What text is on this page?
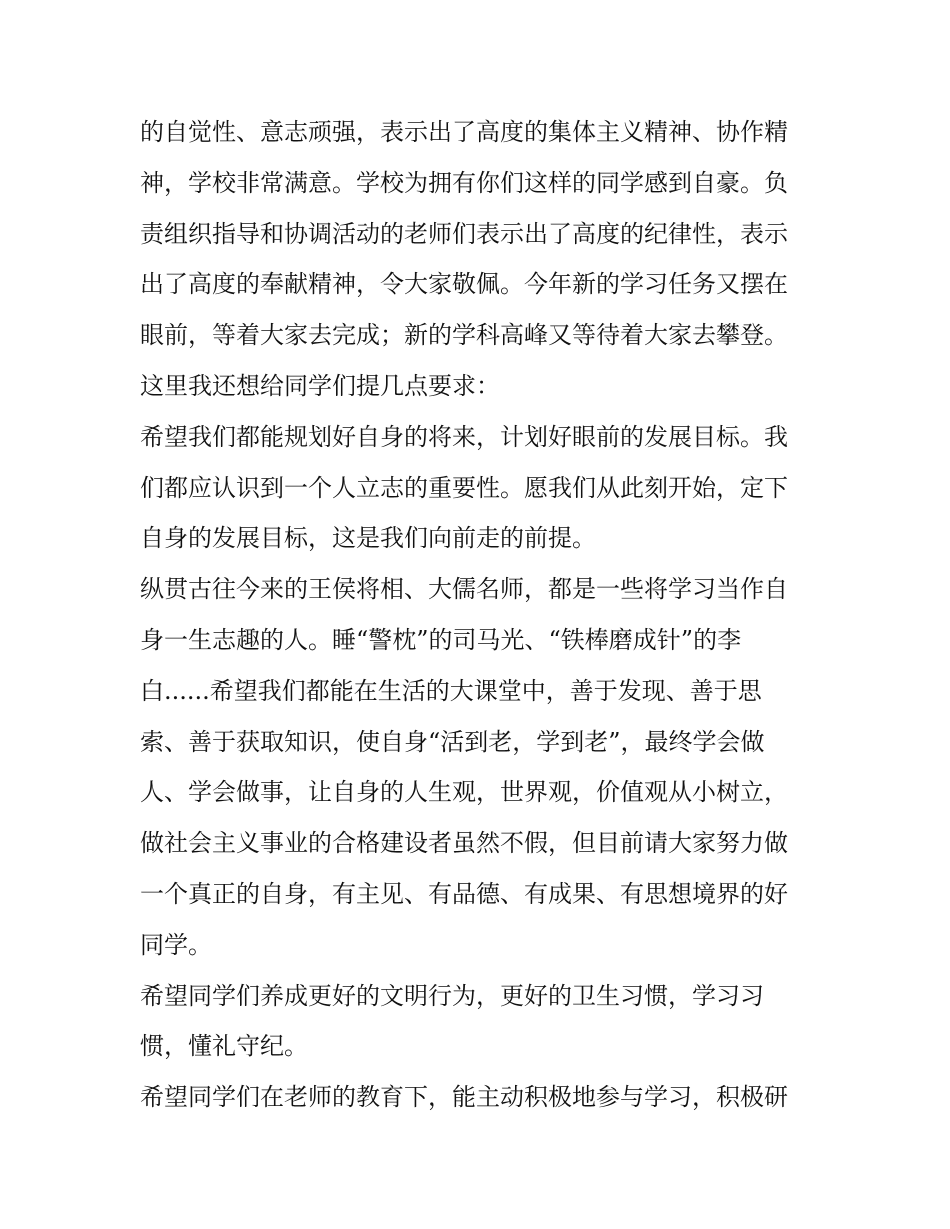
的自觉性、意志顽强，表示出了高度的集体主义精神、协作精
神，学校非常满意。学校为拥有你们这样的同学感到自豪。负
责组织指导和协调活动的老师们表示出了高度的纪律性，表示
出了高度的奉献精神，令大家敬佩。今年新的学习任务又摆在
眼前，等着大家去完成；新的学科高峰又等待着大家去攀登。
这里我还想给同学们提几点要求：
希望我们都能规划好自身的将来，计划好眼前的发展目标。我
们都应认识到一个人立志的重要性。愿我们从此刻开始，定下
自身的发展目标，这是我们向前走的前提。
纵贯古往今来的王侯将相、大儒名师，都是一些将学习当作自
身一生志趣的人。睡“警枕”的司马光、“铁棒磨成针”的李
白......希望我们都能在生活的大课堂中，善于发现、善于思
索、善于获取知识，使自身“活到老，学到老”，最终学会做
人、学会做事，让自身的人生观，世界观，价值观从小树立，
做社会主义事业的合格建设者虽然不假，但目前请大家努力做
一个真正的自身，有主见、有品德、有成果、有思想境界的好
同学。
希望同学们养成更好的文明行为，更好的卫生习惯，学习习
惯，懂礼守纪。
希望同学们在老师的教育下，能主动积极地参与学习，积极研
